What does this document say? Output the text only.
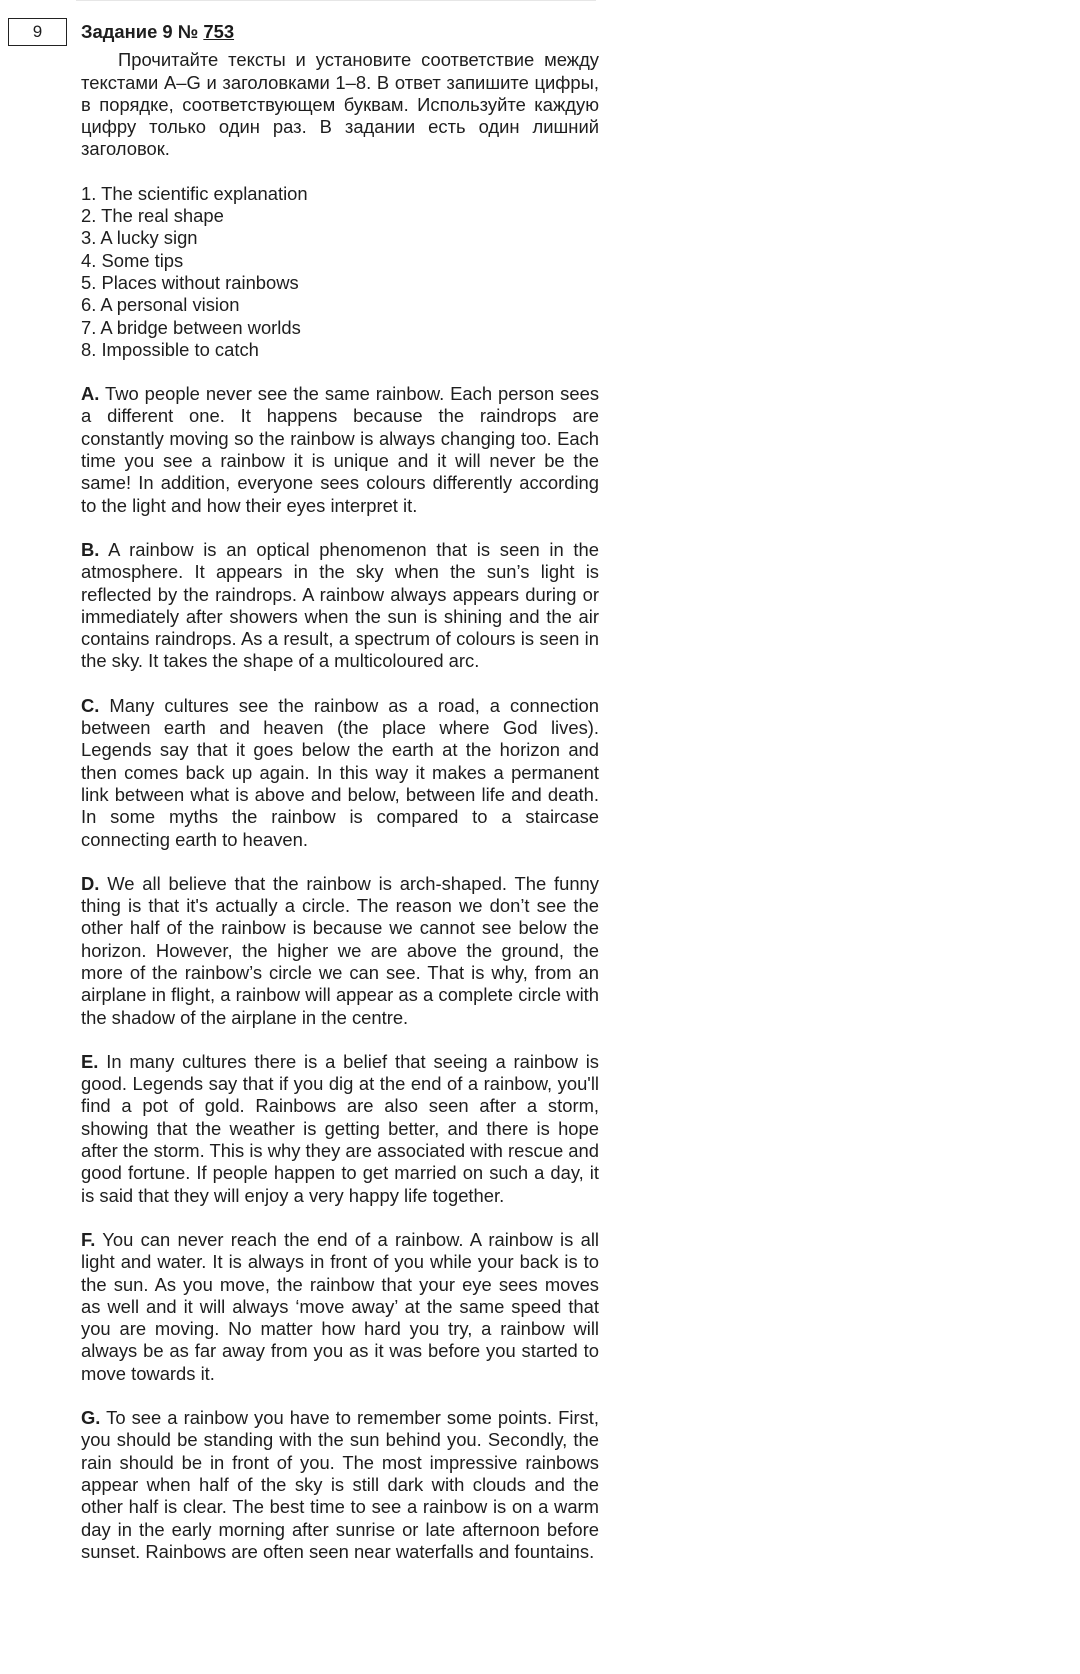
9	Задание 9 № 753
Прочитайте тексты и установите соответствие между текстами A–G и заголовками 1–8. В ответ запишите цифры, в порядке, соответствующем буквам. Используйте каждую цифру только один раз. В задании есть один лишний заголовок.
1. The scientific explanation
2. The real shape
3. A lucky sign
4. Some tips
5. Places without rainbows
6. A personal vision
7. A bridge between worlds
8. Impossible to catch
A. Two people never see the same rainbow. Each person sees a different one. It happens because the raindrops are constantly moving so the rainbow is always changing too. Each time you see a rainbow it is unique and it will never be the same! In addition, everyone sees colours differently according to the light and how their eyes interpret it.
B. A rainbow is an optical phenomenon that is seen in the atmosphere. It appears in the sky when the sun’s light is reflected by the raindrops. A rainbow always appears during or immediately after showers when the sun is shining and the air contains raindrops. As a result, a spectrum of colours is seen in the sky. It takes the shape of a multicoloured arc.
C. Many cultures see the rainbow as a road, a connection between earth and heaven (the place where God lives). Legends say that it goes below the earth at the horizon and then comes back up again. In this way it makes a permanent link between what is above and below, between life and death. In some myths the rainbow is compared to a staircase connecting earth to heaven.
D. We all believe that the rainbow is arch-shaped. The funny thing is that it's actually a circle. The reason we don’t see the other half of the rainbow is because we cannot see below the horizon. However, the higher we are above the ground, the more of the rainbow’s circle we can see. That is why, from an airplane in flight, a rainbow will appear as a complete circle with the shadow of the airplane in the centre.
E. In many cultures there is a belief that seeing a rainbow is good. Legends say that if you dig at the end of a rainbow, you'll find a pot of gold. Rainbows are also seen after a storm, showing that the weather is getting better, and there is hope after the storm. This is why they are associated with rescue and good fortune. If people happen to get married on such a day, it is said that they will enjoy a very happy life together.
F. You can never reach the end of a rainbow. A rainbow is all light and water. It is always in front of you while your back is to the sun. As you move, the rainbow that your eye sees moves as well and it will always ‘move away’ at the same speed that you are moving. No matter how hard you try, a rainbow will always be as far away from you as it was before you started to move towards it.
G. To see a rainbow you have to remember some points. First, you should be standing with the sun behind you. Secondly, the rain should be in front of you. The most impressive rainbows appear when half of the sky is still dark with clouds and the other half is clear. The best time to see a rainbow is on a warm day in the early morning after sunrise or late afternoon before sunset. Rainbows are often seen near waterfalls and fountains.
